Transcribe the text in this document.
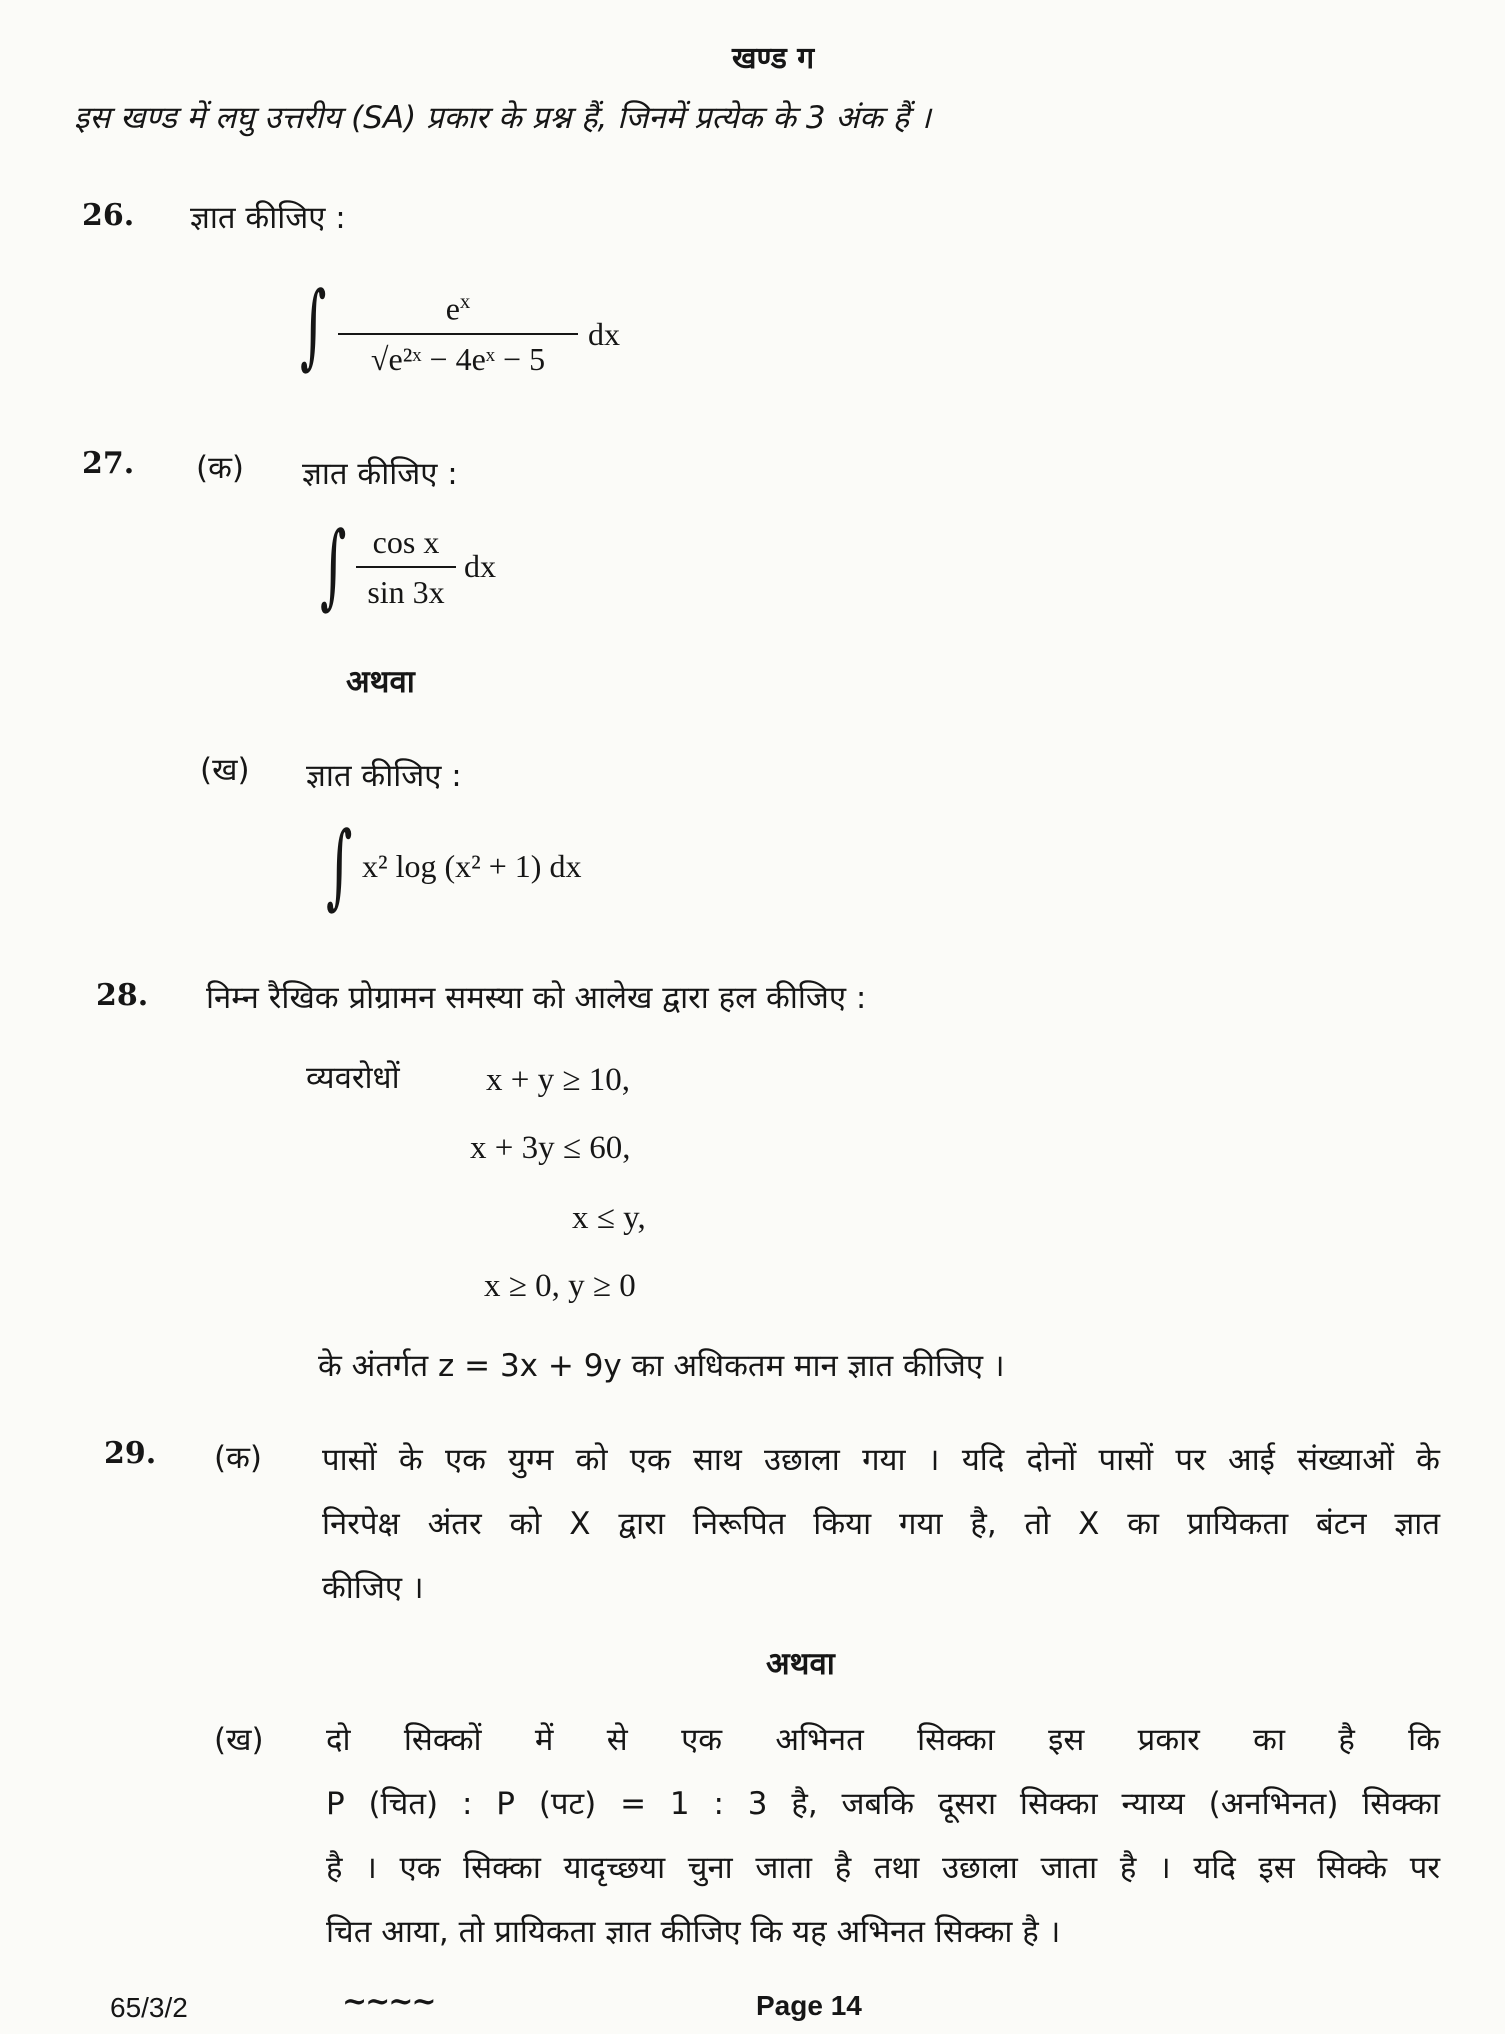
खण्ड ग
इस खण्ड में लघु उत्तरीय (SA) प्रकार के प्रश्न हैं, जिनमें प्रत्येक के 3 अंक हैं ।
26. ज्ञात कीजिए :
∫	$e^x$
√e²ˣ − 4eˣ − 5
dx
27. (क) ज्ञात कीजिए :
∫ cos x
sin 3x
dx
अथवा
(ख) ज्ञात कीजिए :
∫ x² log (x² + 1) dx
28. निम्न रैखिक प्रोग्रामन समस्या को आलेख द्वारा हल कीजिए :
व्यवरोधों	x + y ≥ 10,
x + 3y ≤ 60,
x ≤ y,
x ≥ 0, y ≥ 0
के अंतर्गत z = 3x + 9y का अधिकतम मान ज्ञात कीजिए ।
29. (क) पासों के एक युग्म को एक साथ उछाला गया । यदि दोनों पासों पर आई संख्याओं के
निरपेक्ष अंतर को X द्वारा निरूपित किया गया है, तो X का प्रायिकता बंटन ज्ञात
कीजिए ।
अथवा
(ख) दो सिक्कों में से एक अभिनत सिक्का इस प्रकार का है कि
P (चित) : P (पट) = 1 : 3 है, जबकि दूसरा सिक्का न्याय्य (अनभिनत) सिक्का
है । एक सिक्का यादृच्छया चुना जाता है तथा उछाला जाता है । यदि इस सिक्के पर
चित आया, तो प्रायिकता ज्ञात कीजिए कि यह अभिनत सिक्का है ।
65/3/2	~~~~	Page 14
